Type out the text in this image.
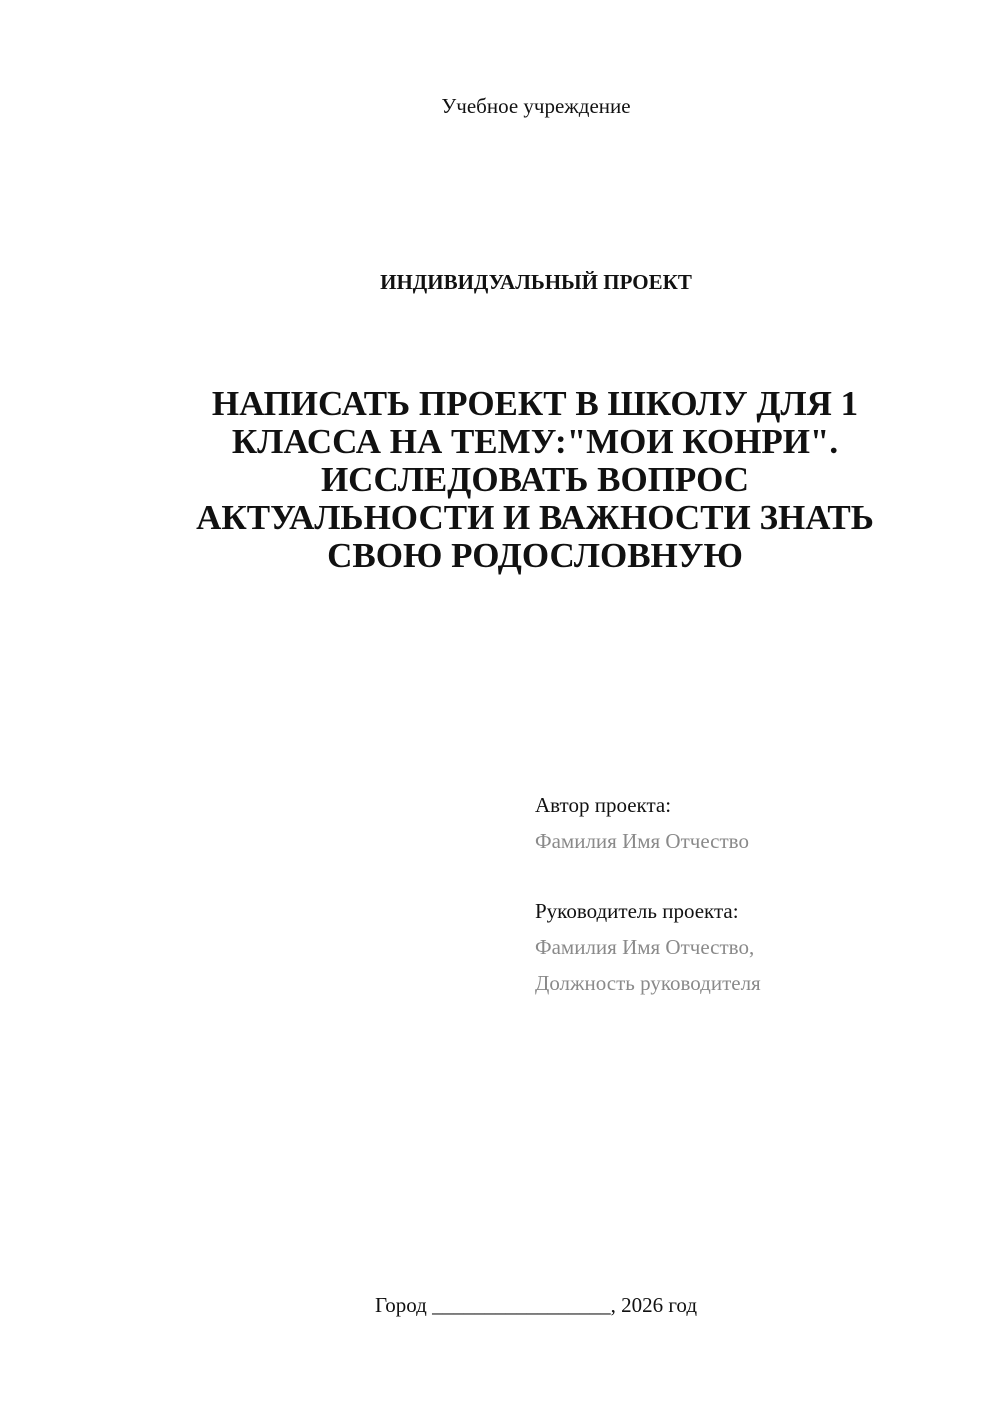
Учебное учреждение
ИНДИВИДУАЛЬНЫЙ ПРОЕКТ
НАПИСАТЬ ПРОЕКТ В ШКОЛУ ДЛЯ 1
КЛАССА НА ТЕМУ:"МОИ КОНРИ".
ИССЛЕДОВАТЬ ВОПРОС
АКТУАЛЬНОСТИ И ВАЖНОСТИ ЗНАТЬ
СВОЮ РОДОСЛОВНУЮ
Автор проекта:
Фамилия Имя Отчество
Руководитель проекта:
Фамилия Имя Отчество,
Должность руководителя
Город _________________, 2026 год
